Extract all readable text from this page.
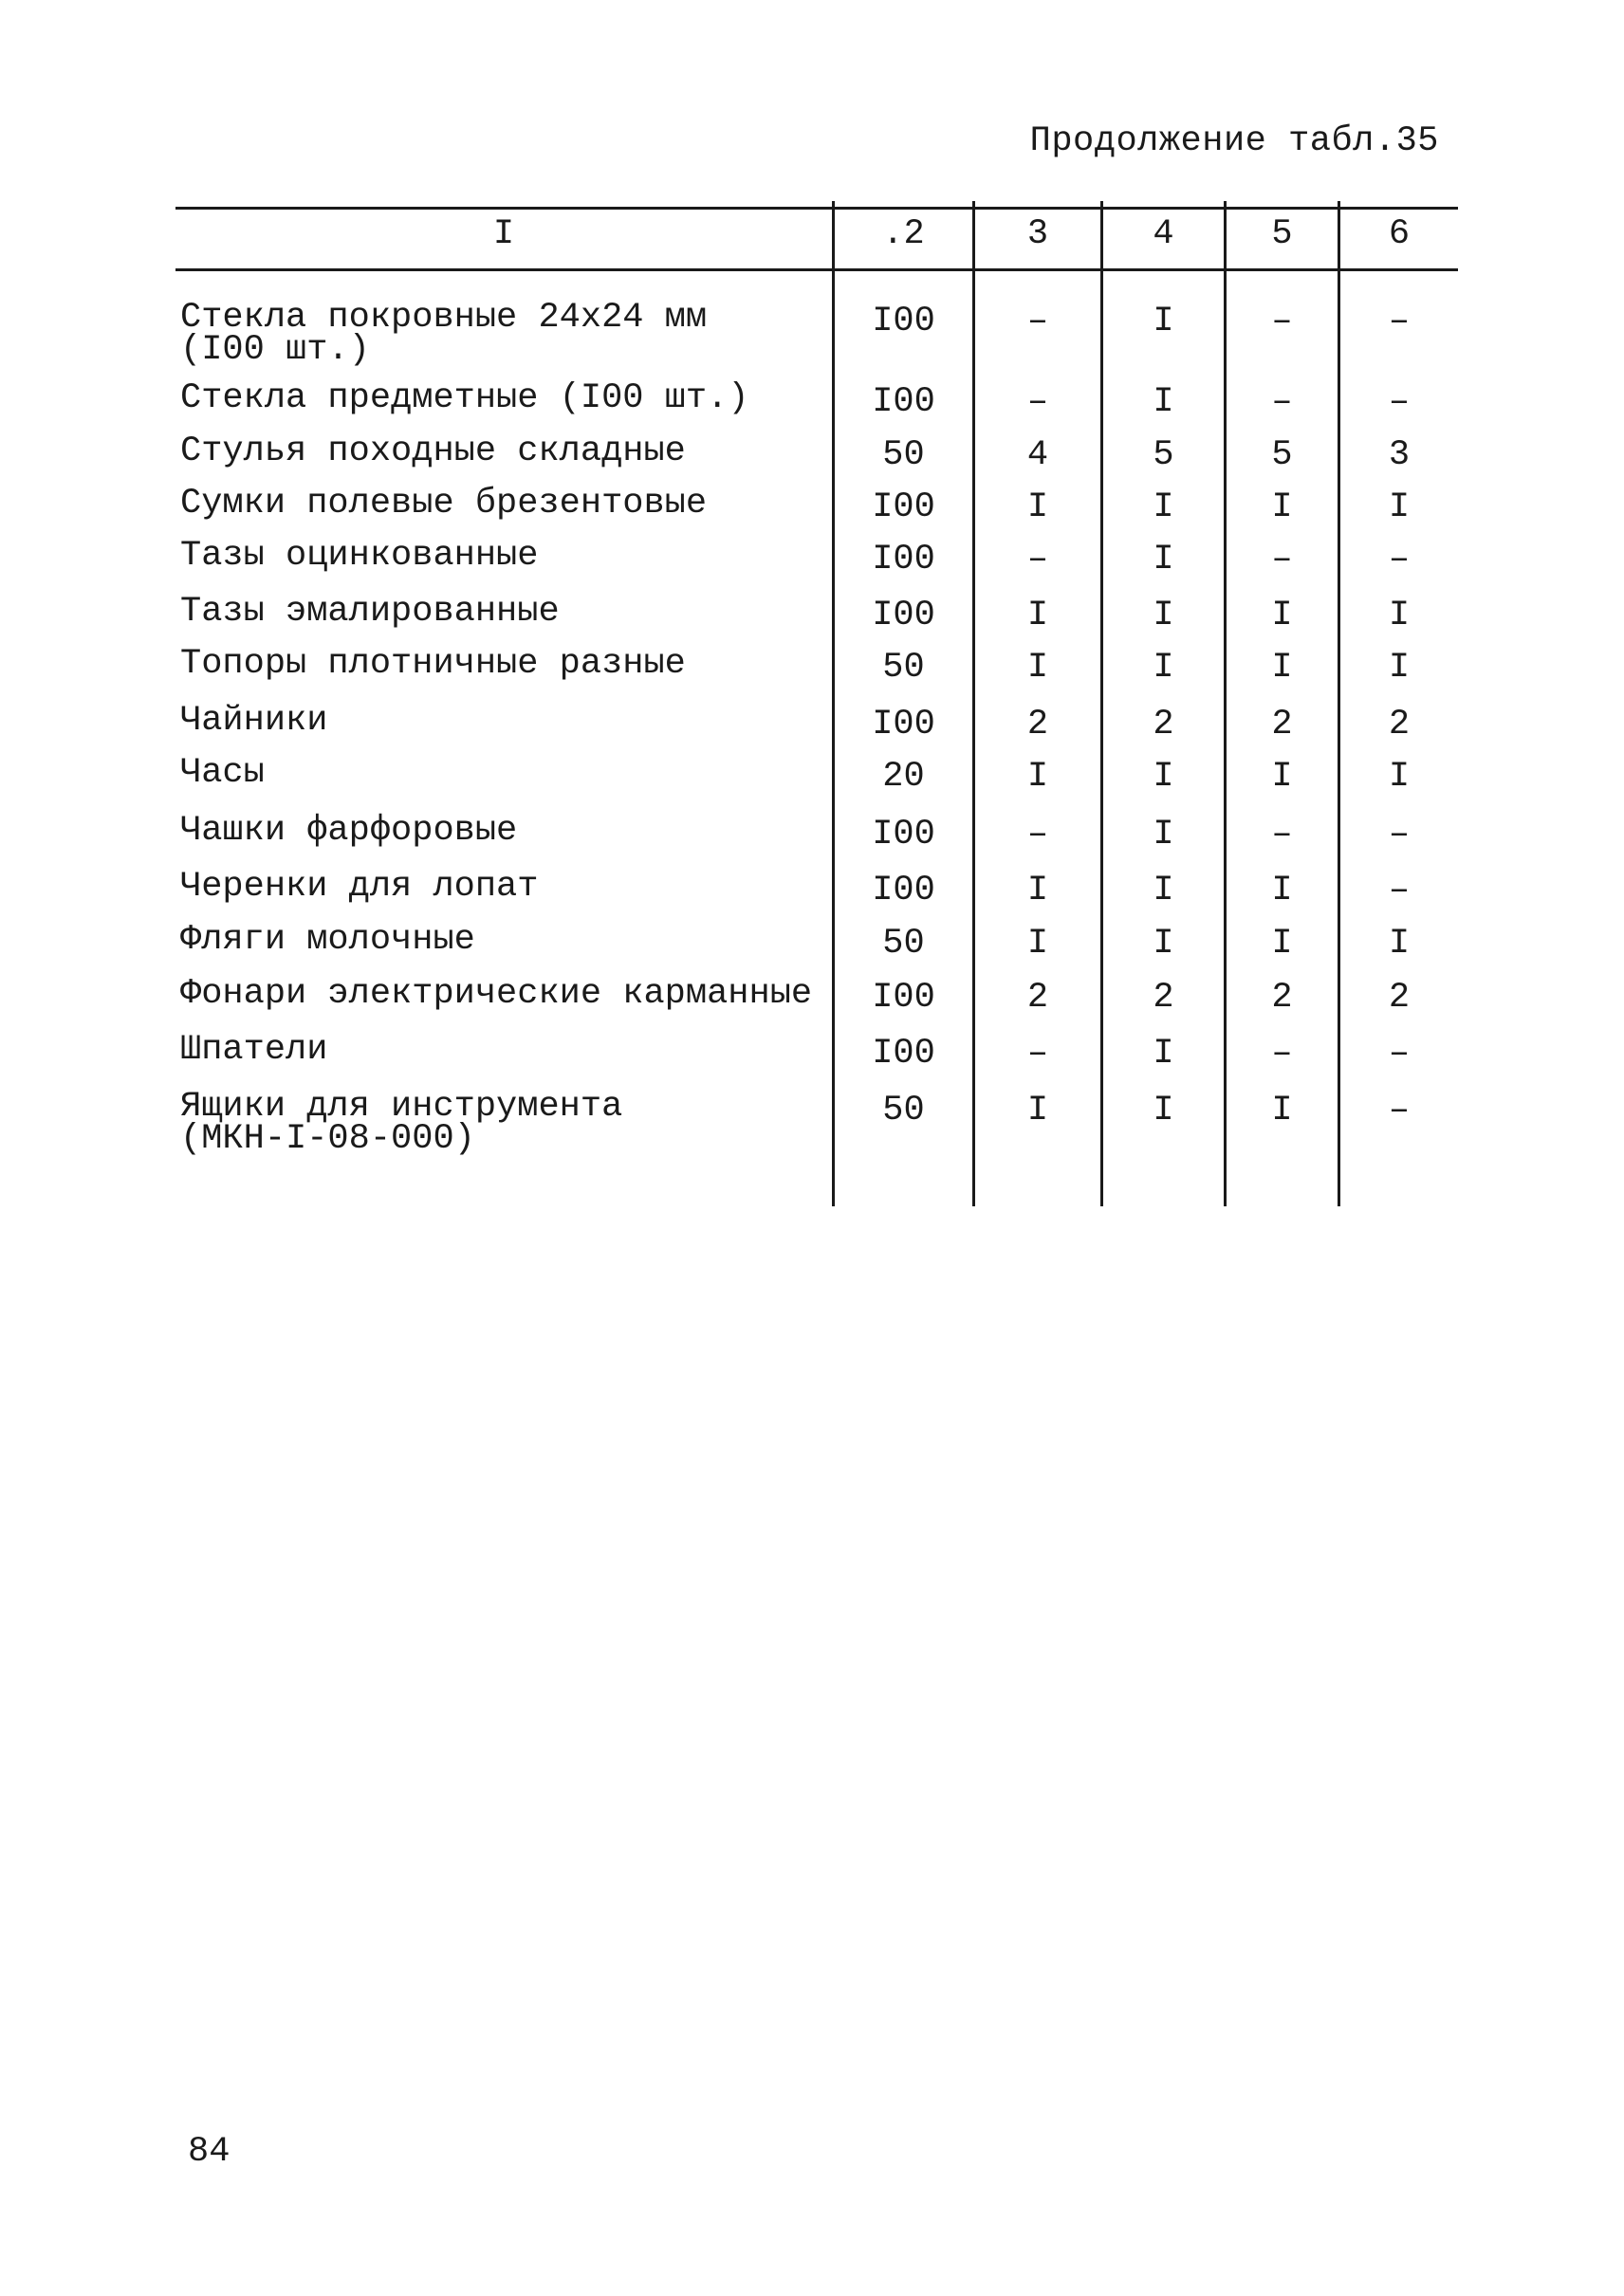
Продолжение табл.35
I	.2	3	4	5	6
Стекла покровные 24х24 мм
(I00 шт.)
I00	–	I	–	–
Стекла предметные (I00 шт.)	I00	–	I	–	–
Стулья походные складные	50	4	5	5	3
Сумки полевые брезентовые	I00	I	I	I	I
Тазы оцинкованные	I00	–	I	–	–
Тазы эмалированные	I00	I	I	I	I
Топоры плотничные разные	50	I	I	I	I
Чайники	I00	2	2	2	2
Часы	20	I	I	I	I
Чашки фарфоровые	I00	–	I	–	–
Черенки для лопат	I00	I	I	I	–
Фляги молочные	50	I	I	I	I
Фонари электрические карманные	I00	2	2	2	2
Шпатели	I00	–	I	–	–
Ящики для инструмента
(МКН-I-08-000)
50	I	I	I	–
84
